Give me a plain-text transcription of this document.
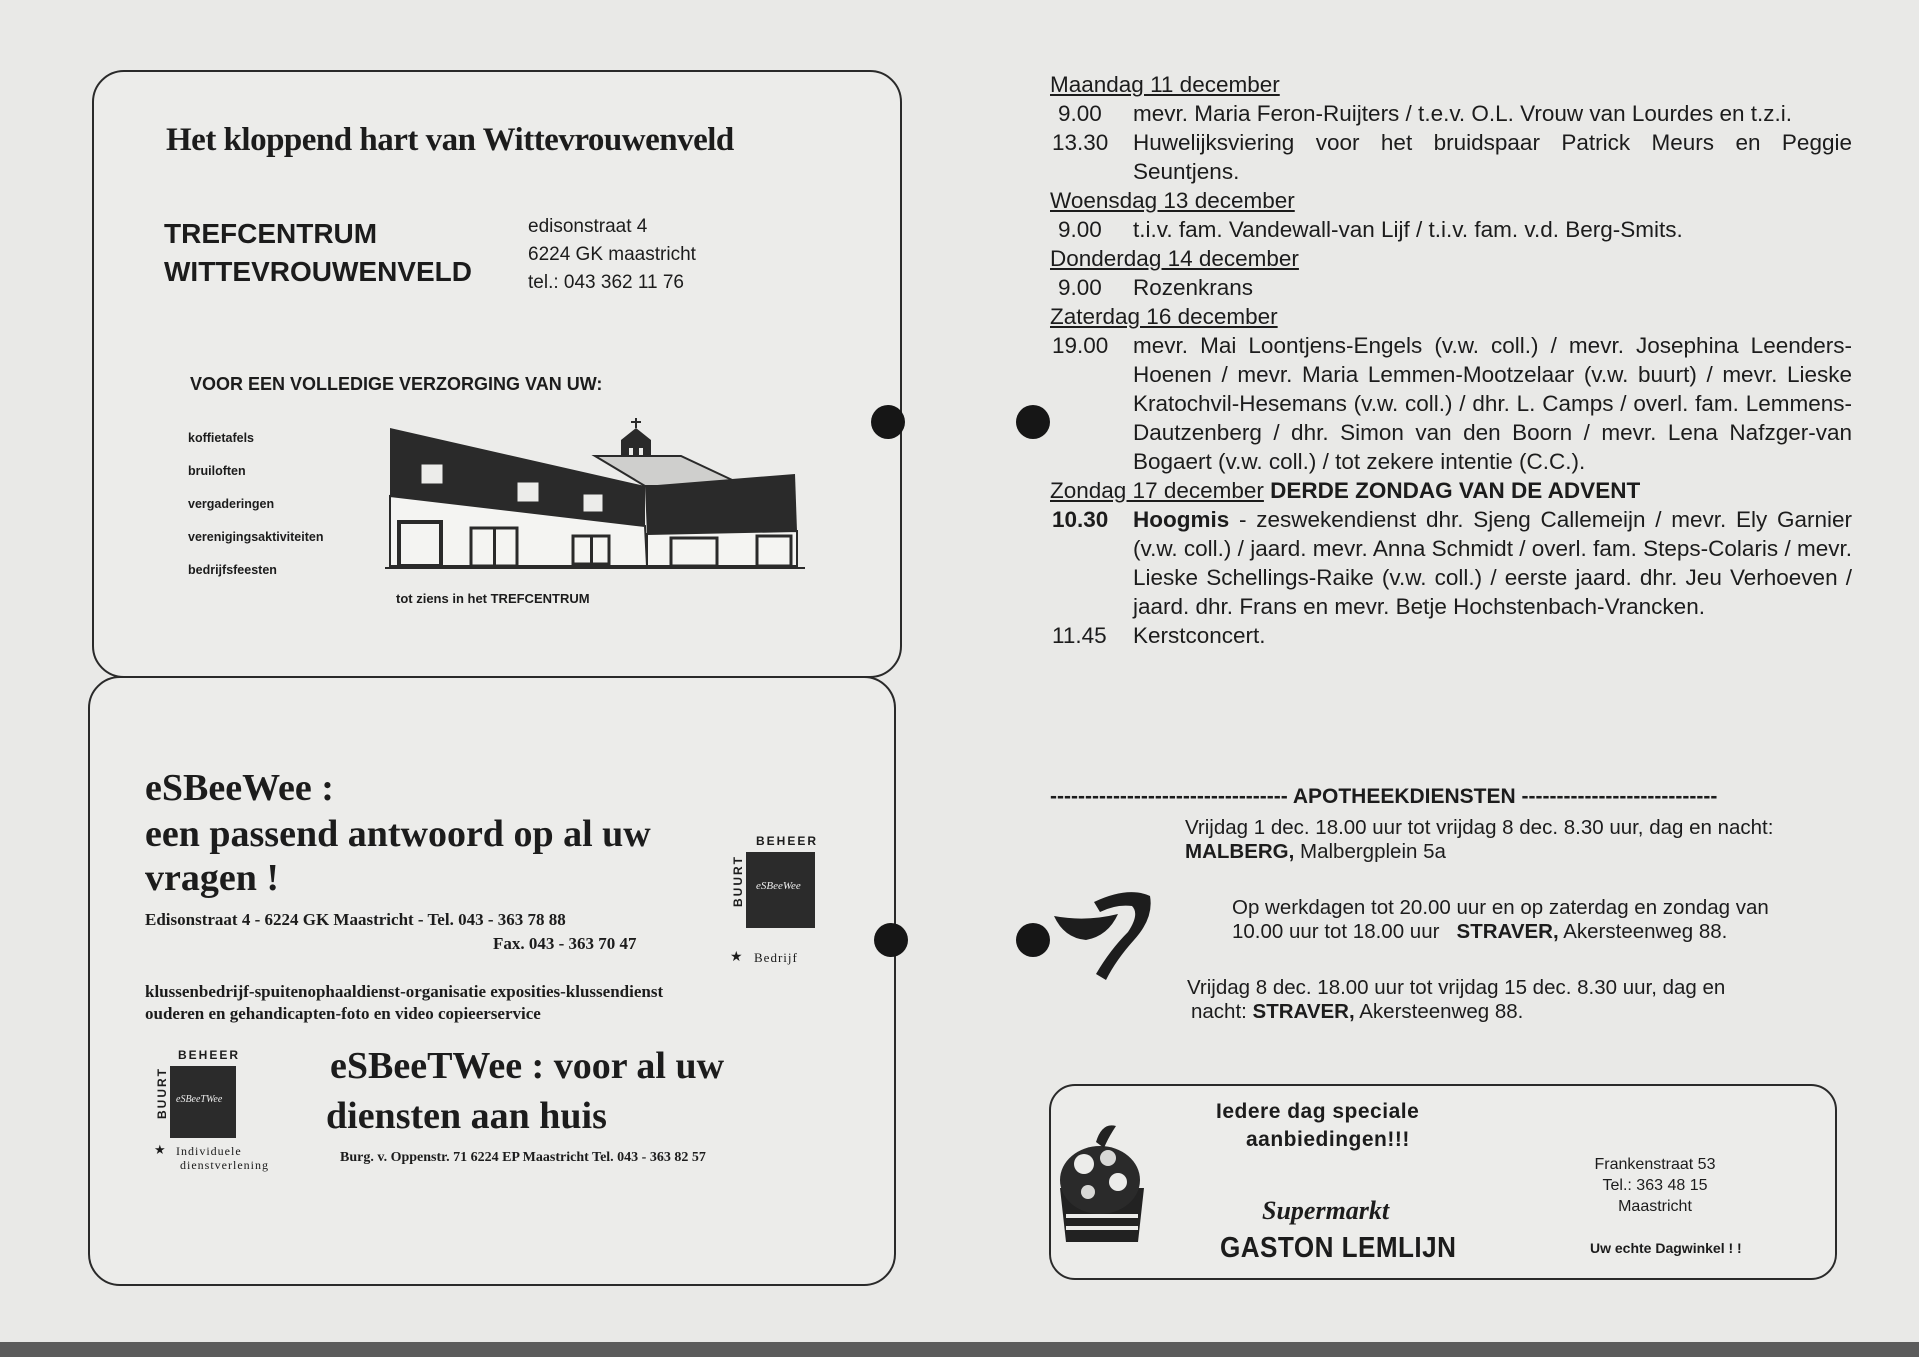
Het kloppend hart van Wittevrouwenveld
TREFCENTRUM
WITTEVROUWENVELD
edisonstraat 4
6224 GK maastricht
tel.: 043 362 11 76
VOOR EEN VOLLEDIGE VERZORGING VAN UW:
koffietafels
bruiloften
vergaderingen
verenigingsaktiviteiten
bedrijfsfeesten
tot ziens in het TREFCENTRUM
eSBeeWee :
een passend antwoord op al uw
vragen !
Edisonstraat 4 - 6224 GK Maastricht - Tel. 043 - 363 78 88
Fax. 043 - 363 70 47
BEHEER
BUURT eSBeeWee
★ Bedrijf
klussenbedrijf-spuitenophaaldienst-organisatie exposities-klussendienst
ouderen en gehandicapten-foto en video copieerservice
BEHEER
BUURT eSBeeTWee
★ Individuele
dienstverlening
eSBeeTWee : voor al uw
diensten aan huis
Burg. v. Oppenstr. 71 6224 EP Maastricht Tel. 043 - 363 82 57
Maandag 11 december
9.00	mevr. Maria Feron-Ruijters / t.e.v. O.L. Vrouw van Lourdes en t.z.i.
13.30	Huwelijksviering voor het bruidspaar Patrick Meurs en Peggie Seuntjens.
Woensdag 13 december
9.00	t.i.v. fam. Vandewall-van Lijf / t.i.v. fam. v.d. Berg-Smits.
Donderdag 14 december
9.00	Rozenkrans
Zaterdag 16 december
19.00	mevr. Mai Loontjens-Engels (v.w. coll.) / mevr. Josephina Leenders-Hoenen / mevr. Maria Lemmen-Mootzelaar (v.w. buurt) / mevr. Lieske Kratochvil-Hesemans (v.w. coll.) / dhr. L. Camps / overl. fam. Lemmens-Dautzenberg / dhr. Simon van den Boorn / mevr. Lena Nafzger-van Bogaert (v.w. coll.) / tot zekere intentie (C.C.).
Zondag 17 december DERDE ZONDAG VAN DE ADVENT
10.30	Hoogmis - zeswekendienst dhr. Sjeng Callemeijn / mevr. Ely Garnier (v.w. coll.) / jaard. mevr. Anna Schmidt / overl. fam. Steps-Colaris / mevr. Lieske Schellings-Raike (v.w. coll.) / eerste jaard. dhr. Jeu Verhoeven / jaard. dhr. Frans en mevr. Betje Hochstenbach-Vrancken.
11.45	Kerstconcert.
---------------------------------- APOTHEEKDIENSTEN ----------------------------
Vrijdag 1 dec. 18.00 uur tot vrijdag 8 dec. 8.30 uur, dag en nacht:
MALBERG, Malbergplein 5a
Op werkdagen tot 20.00 uur en op zaterdag en zondag van
10.00 uur tot 18.00 uur   STRAVER, Akersteenweg 88.
Vrijdag 8 dec. 18.00 uur tot vrijdag 15 dec. 8.30 uur, dag en
nacht: STRAVER, Akersteenweg 88.
Iedere dag speciale
aanbiedingen!!!
Supermarkt
GASTON LEMLIJN
Frankenstraat 53
Tel.: 363 48 15
Maastricht
Uw echte Dagwinkel ! !
